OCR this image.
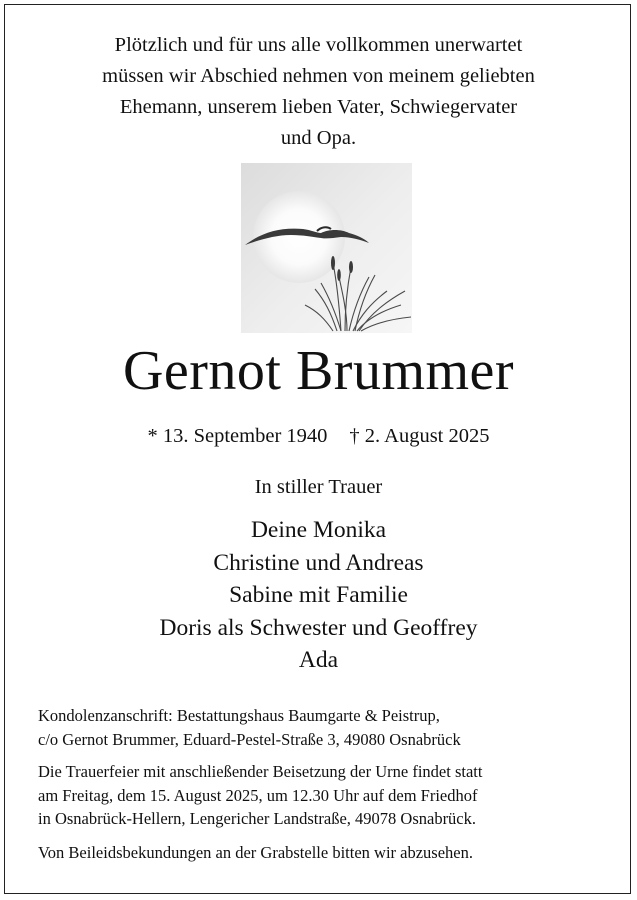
Plötzlich und für uns alle vollkommen unerwartet
müssen wir Abschied nehmen von meinem geliebten
Ehemann, unserem lieben Vater, Schwiegervater
und Opa.
Gernot Brummer
* 13. September 1940 † 2. August 2025
In stiller Trauer
Deine Monika
Christine und Andreas
Sabine mit Familie
Doris als Schwester und Geoffrey
Ada
Kondolenzanschrift: Bestattungshaus Baumgarte & Peistrup,
c/o Gernot Brummer, Eduard-Pestel-Straße 3, 49080 Osnabrück
Die Trauerfeier mit anschließender Beisetzung der Urne findet statt
am Freitag, dem 15. August 2025, um 12.30 Uhr auf dem Friedhof
in Osnabrück-Hellern, Lengericher Landstraße, 49078 Osnabrück.
Von Beileidsbekundungen an der Grabstelle bitten wir abzusehen.
